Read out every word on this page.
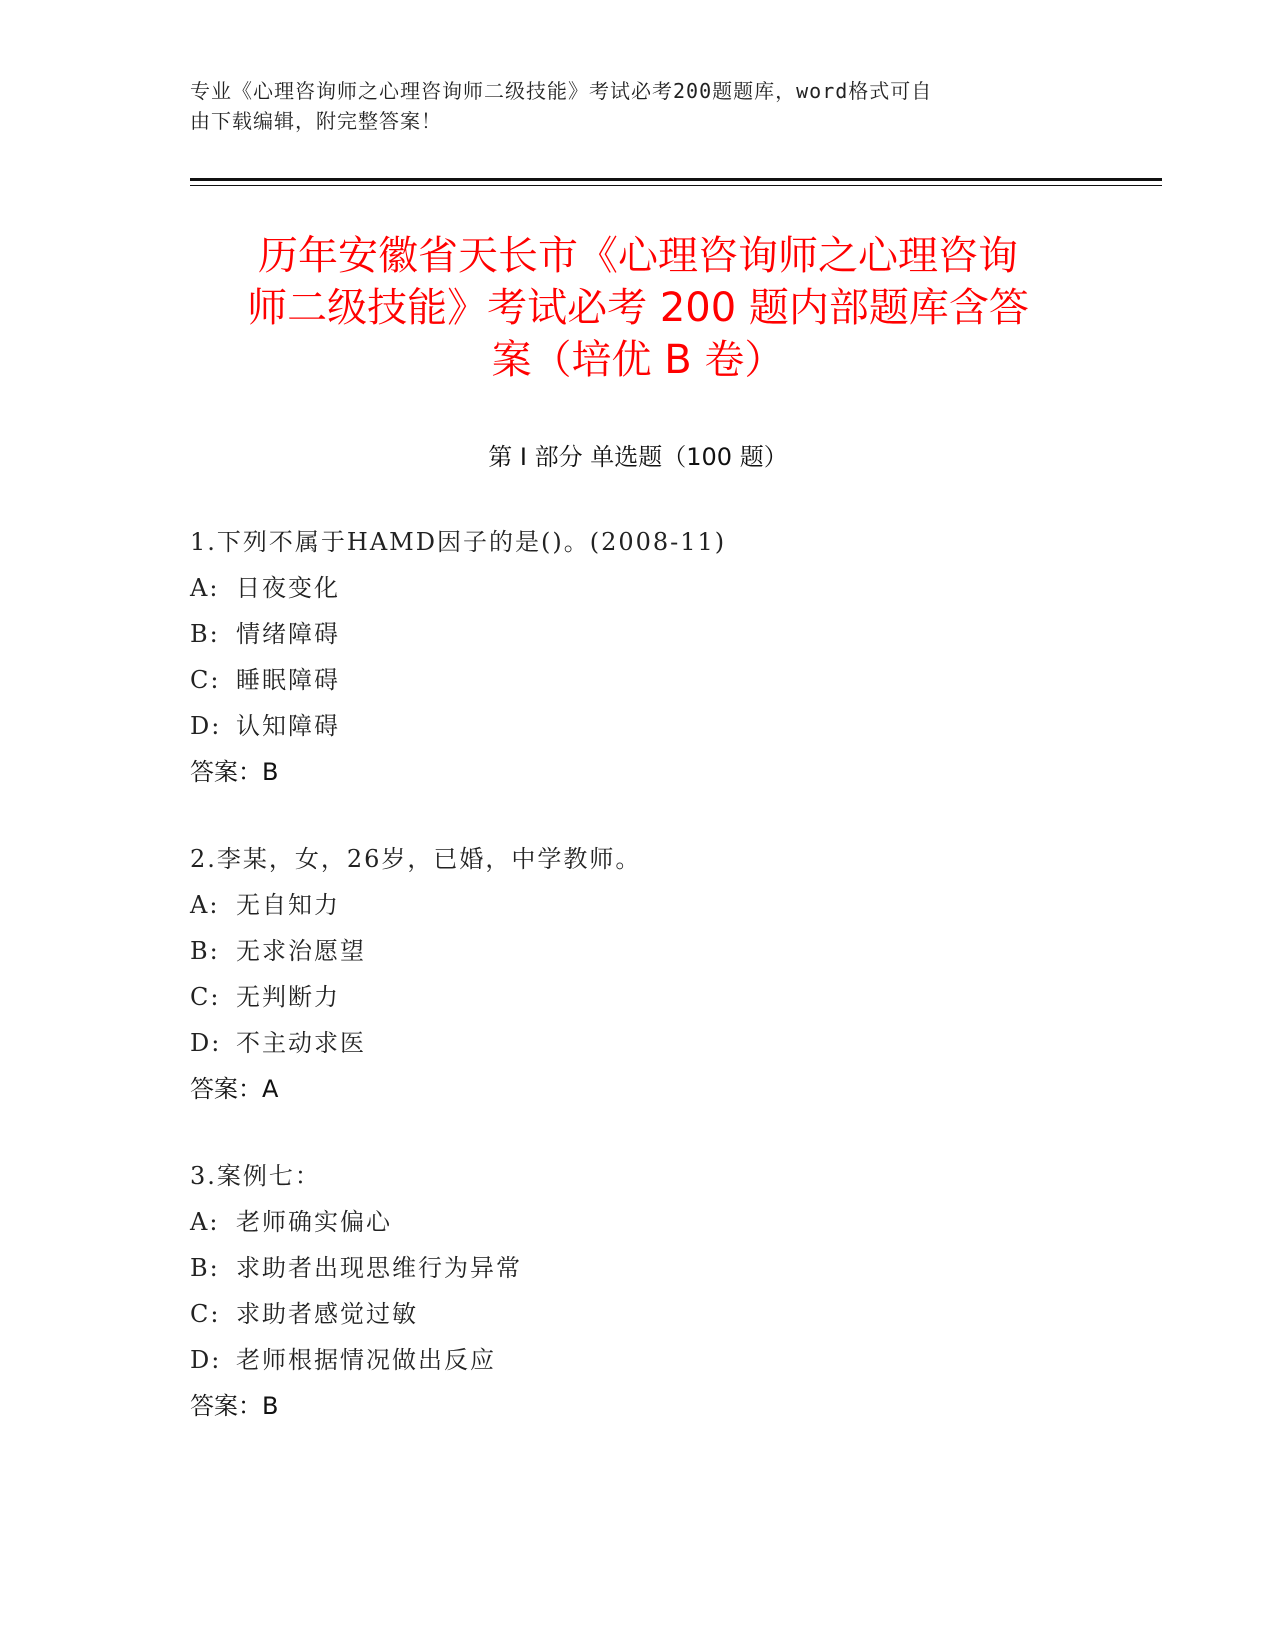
专业《心理咨询师之心理咨询师二级技能》考试必考200题题库，word格式可自
由下载编辑，附完整答案！
历年安徽省天长市《心理咨询师之心理咨询
师二级技能》考试必考 200 题内部题库含答
案（培优 B 卷）
第 I 部分 单选题（100 题）
1.下列不属于HAMD因子的是()。(2008-11)
A: 日夜变化
B: 情绪障碍
C: 睡眠障碍
D: 认知障碍
答案：B
2.李某，女，26岁，已婚，中学教师。
A: 无自知力
B: 无求治愿望
C: 无判断力
D: 不主动求医
答案：A
3.案例七：
A: 老师确实偏心
B: 求助者出现思维行为异常
C: 求助者感觉过敏
D: 老师根据情况做出反应
答案：B
